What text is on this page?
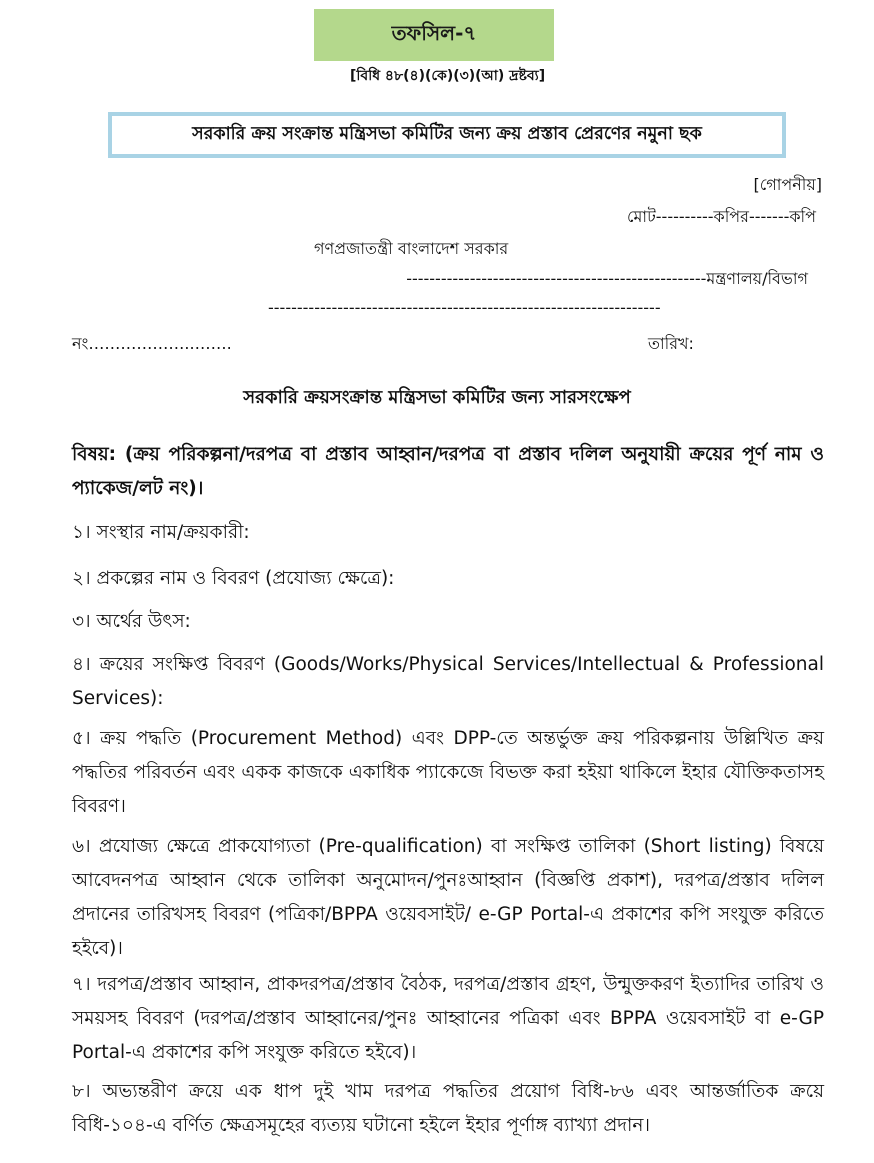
তফসিল-৭
[বিধি ৪৮(৪)(কে)(৩)(আ) দ্রষ্টব্য]
সরকারি ক্রয় সংক্রান্ত মন্ত্রিসভা কমিটির জন্য ক্রয় প্রস্তাব প্রেরণের নমুনা ছক
[গোপনীয়]
মোট----------কপির-------কপি
গণপ্রজাতন্ত্রী বাংলাদেশ সরকার
----------------------------------------------------মন্ত্রণালয়/বিভাগ
--------------------------------------------------------------------
নং………………..…….	তারিখ:
সরকারি ক্রয়সংক্রান্ত মন্ত্রিসভা কমিটির জন্য সারসংক্ষেপ
বিষয়: (ক্রয় পরিকল্পনা/দরপত্র বা প্রস্তাব আহ্বান/দরপত্র বা প্রস্তাব দলিল অনুযায়ী ক্রয়ের পূর্ণ নাম ও প্যাকেজ/লট নং)।
১। সংস্থার নাম/ক্রয়কারী:
২। প্রকল্পের নাম ও বিবরণ (প্রযোজ্য ক্ষেত্রে):
৩। অর্থের উৎস:
৪। ক্রয়ের সংক্ষিপ্ত বিবরণ (Goods/Works/Physical Services/Intellectual & Professional Services):
৫। ক্রয় পদ্ধতি (Procurement Method) এবং DPP-তে অন্তর্ভুক্ত ক্রয় পরিকল্পনায় উল্লিখিত ক্রয় পদ্ধতির পরিবর্তন এবং একক কাজকে একাধিক প্যাকেজে বিভক্ত করা হইয়া থাকিলে ইহার যৌক্তিকতাসহ বিবরণ।
৬। প্রযোজ্য ক্ষেত্রে প্রাকযোগ্যতা (Pre-qualification) বা সংক্ষিপ্ত তালিকা (Short listing) বিষয়ে আবেদনপত্র আহ্বান থেকে তালিকা অনুমোদন/পুনঃআহ্বান (বিজ্ঞপ্তি প্রকাশ), দরপত্র/প্রস্তাব দলিল প্রদানের তারিখসহ বিবরণ (পত্রিকা/BPPA ওয়েবসাইট/ e-GP Portal-এ প্রকাশের কপি সংযুক্ত করিতে হইবে)।
৭। দরপত্র/প্রস্তাব আহ্বান, প্রাকদরপত্র/প্রস্তাব বৈঠক, দরপত্র/প্রস্তাব গ্রহণ, উন্মুক্তকরণ ইত্যাদির তারিখ ও সময়সহ বিবরণ (দরপত্র/প্রস্তাব আহ্বানের/পুনঃ আহ্বানের পত্রিকা এবং BPPA ওয়েবসাইট বা e-GP Portal-এ প্রকাশের কপি সংযুক্ত করিতে হইবে)।
৮। অভ্যন্তরীণ ক্রয়ে এক ধাপ দুই খাম দরপত্র পদ্ধতির প্রয়োগ বিধি-৮৬ এবং আন্তর্জাতিক ক্রয়ে বিধি-১০৪-এ বর্ণিত ক্ষেত্রসমূহের ব্যত্যয় ঘটানো হইলে ইহার পূর্ণাঙ্গ ব্যাখ্যা প্রদান।
